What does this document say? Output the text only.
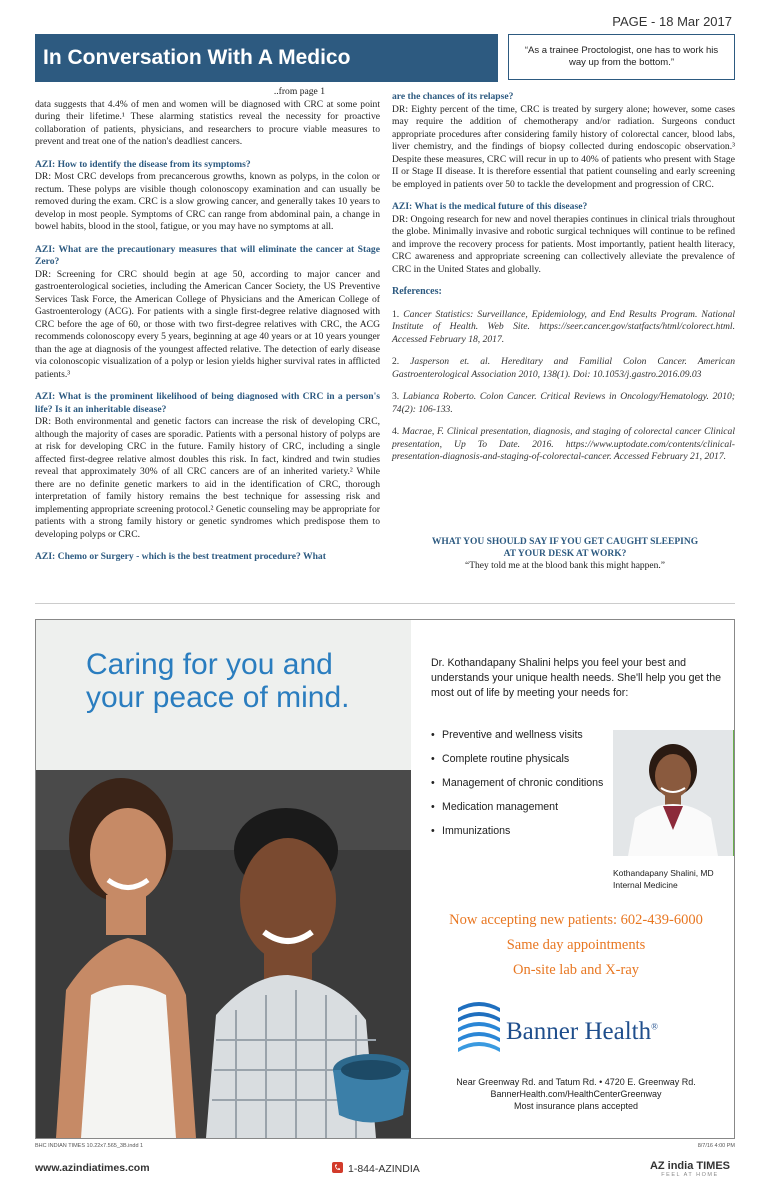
PAGE - 18 Mar 2017
In Conversation With A Medico	“As a trainee Proctologist, one has to work his way up from the bottom.”

..from page 1

data suggests that 4.4% of men and women will be diagnosed with CRC at some point during their lifetime.¹ These alarming statistics reveal the necessity for proactive collaboration of patients, physicians, and researchers to procure viable measures to prevent and treat one of the nation's deadliest cancers.

AZI: How to identify the disease from its symptoms?

DR: Most CRC develops from precancerous growths, known as polyps, in the colon or rectum. These polyps are visible though colonoscopy examination and can usually be removed during the exam. CRC is a slow growing cancer, and generally takes 10 years to develop in most people. Symptoms of CRC can range from abdominal pain, a change in bowel habits, blood in the stool, fatigue, or you may have no symptoms at all.

AZI: What are the precautionary measures that will eliminate the cancer at Stage Zero?

DR: Screening for CRC should begin at age 50, according to major cancer and gastroenterological societies, including the American Cancer Society, the US Preventive Services Task Force, the American College of Physicians and the American College of Gastroenterology (ACG). For patients with a single first-degree relative diagnosed with CRC before the age of 60, or those with two first-degree relatives with CRC, the ACG recommends colonoscopy every 5 years, beginning at age 40 years or at 10 years younger than the age at diagnosis of the youngest affected relative. The detection of early disease via colonoscopic visualization of a polyp or lesion yields higher survival rates in afflicted patients.³

AZI: What is the prominent likelihood of being diagnosed with CRC in a person's life? Is it an inheritable disease?

DR: Both environmental and genetic factors can increase the risk of developing CRC, although the majority of cases are sporadic. Patients with a personal history of polyps are at risk for developing CRC in the future. Family history of CRC, including a single affected first-degree relative almost doubles this risk. In fact, kindred and twin studies reveal that approximately 30% of all CRC cancers are of an inherited variety.² While there are no definite genetic markers to aid in the identification of CRC, thorough interpretation of family history remains the best technique for assessing risk and implementing appropriate screening protocol.² Genetic counseling may be appropriate for patients with a strong family history or genetic syndromes which predispose them to developing polyps or CRC.

AZI: Chemo or Surgery - which is the best treatment procedure? What

are the chances of its relapse?

DR: Eighty percent of the time, CRC is treated by surgery alone; however, some cases may require the addition of chemotherapy and/or radiation. Surgeons conduct appropriate procedures after considering family history of colorectal cancer, blood labs, liver chemistry, and the findings of biopsy collected during endoscopic observation.³ Despite these measures, CRC will recur in up to 40% of patients who present with Stage II or Stage II disease. It is therefore essential that patient counseling and early screening be employed in patients over 50 to tackle the development and progression of CRC.

AZI: What is the medical future of this disease?

DR: Ongoing research for new and novel therapies continues in clinical trials throughout the globe. Minimally invasive and robotic surgical techniques will continue to be refined and improve the recovery process for patients. Most importantly, patient health literacy, CRC awareness and appropriate screening can collectively alleviate the prevalence of CRC in the United States and globally.

References:

1. Cancer Statistics: Surveillance, Epidemiology, and End Results Program. National Institute of Health. Web Site. https://seer.cancer.gov/statfacts/html/colorect.html. Accessed February 18, 2017.

2. Jasperson et. al. Hereditary and Familial Colon Cancer. American Gastroenterological Association 2010, 138(1). Doi: 10.1053/j.gastro.2016.09.03

3. Labianca Roberto. Colon Cancer. Critical Reviews in Oncology/Hematology. 2010; 74(2): 106-133.

4. Macrae, F. Clinical presentation, diagnosis, and staging of colorectal cancer Clinical presentation, Up To Date. 2016. https://www.uptodate.com/contents/clinical-presentation-diagnosis-and-staging-of-colorectal-cancer. Accessed February 21, 2017.

WHAT YOU SHOULD SAY IF YOU GET CAUGHT SLEEPING
AT YOUR DESK AT WORK?
“They told me at the blood bank this might happen.”
Caring for you and
your peace of mind.
Dr. Kothandapany Shalini helps you feel your best and understands your unique health needs. She'll help you get the most out of life by meeting your needs for:
• Preventive and wellness visits
• Complete routine physicals
• Management of chronic conditions
• Medication management
• Immunizations
Kothandapany Shalini, MD
Internal Medicine
Now accepting new patients: 602-439-6000
Same day appointments
On-site lab and X-ray
Banner Health®
Near Greenway Rd. and Tatum Rd. • 4720 E. Greenway Rd.
BannerHealth.com/HealthCenterGreenway
Most insurance plans accepted
BHC INDIAN TIMES 10.22x7.565_3B.indd 1	8/7/16 4:00 PM
www.azindiatimes.com	1-844-AZINDIA	AZ india TIMES
FEEL AT HOME
